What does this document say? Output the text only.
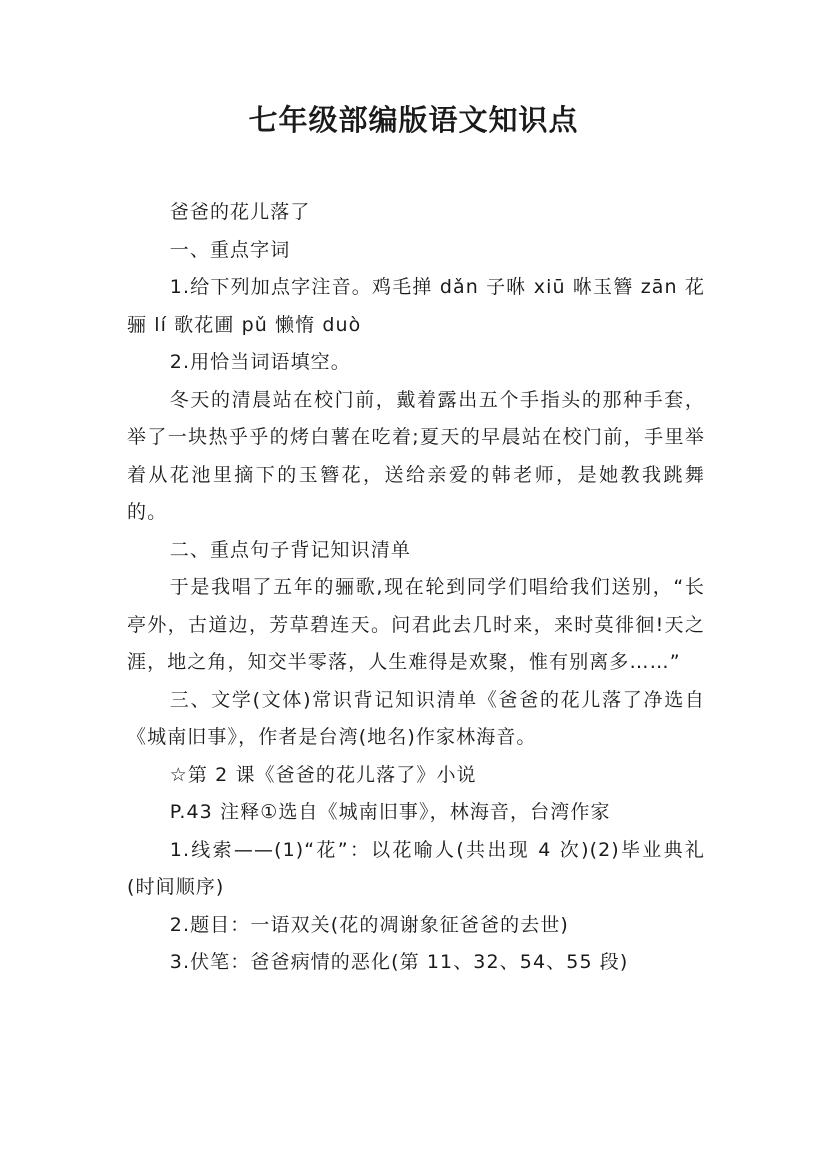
七年级部编版语文知识点

爸爸的花儿落了

一、重点字词

1.给下列加点字注音。鸡毛掸 dǎn 子咻 xiū 咻玉簪 zān 花骊 lí 歌花圃 pǔ 懒惰 duò

2.用恰当词语填空。

冬天的清晨站在校门前，戴着露出五个手指头的那种手套，举了一块热乎乎的烤白薯在吃着;夏天的早晨站在校门前，手里举着从花池里摘下的玉簪花，送给亲爱的韩老师，是她教我跳舞的。

二、重点句子背记知识清单

于是我唱了五年的骊歌,现在轮到同学们唱给我们送别，“长亭外，古道边，芳草碧连天。问君此去几时来，来时莫徘徊!天之涯，地之角，知交半零落，人生难得是欢聚，惟有别离多……”

三、文学(文体)常识背记知识清单《爸爸的花儿落了净选自《城南旧事》，作者是台湾(地名)作家林海音。

☆第 2 课《爸爸的花儿落了》小说

P.43 注释①选自《城南旧事》，林海音，台湾作家

1.线索——(1)“花”：以花喻人(共出现 4 次)(2)毕业典礼(时间顺序)

2.题目：一语双关(花的凋谢象征爸爸的去世)

3.伏笔：爸爸病情的恶化(第 11、32、54、55 段)
